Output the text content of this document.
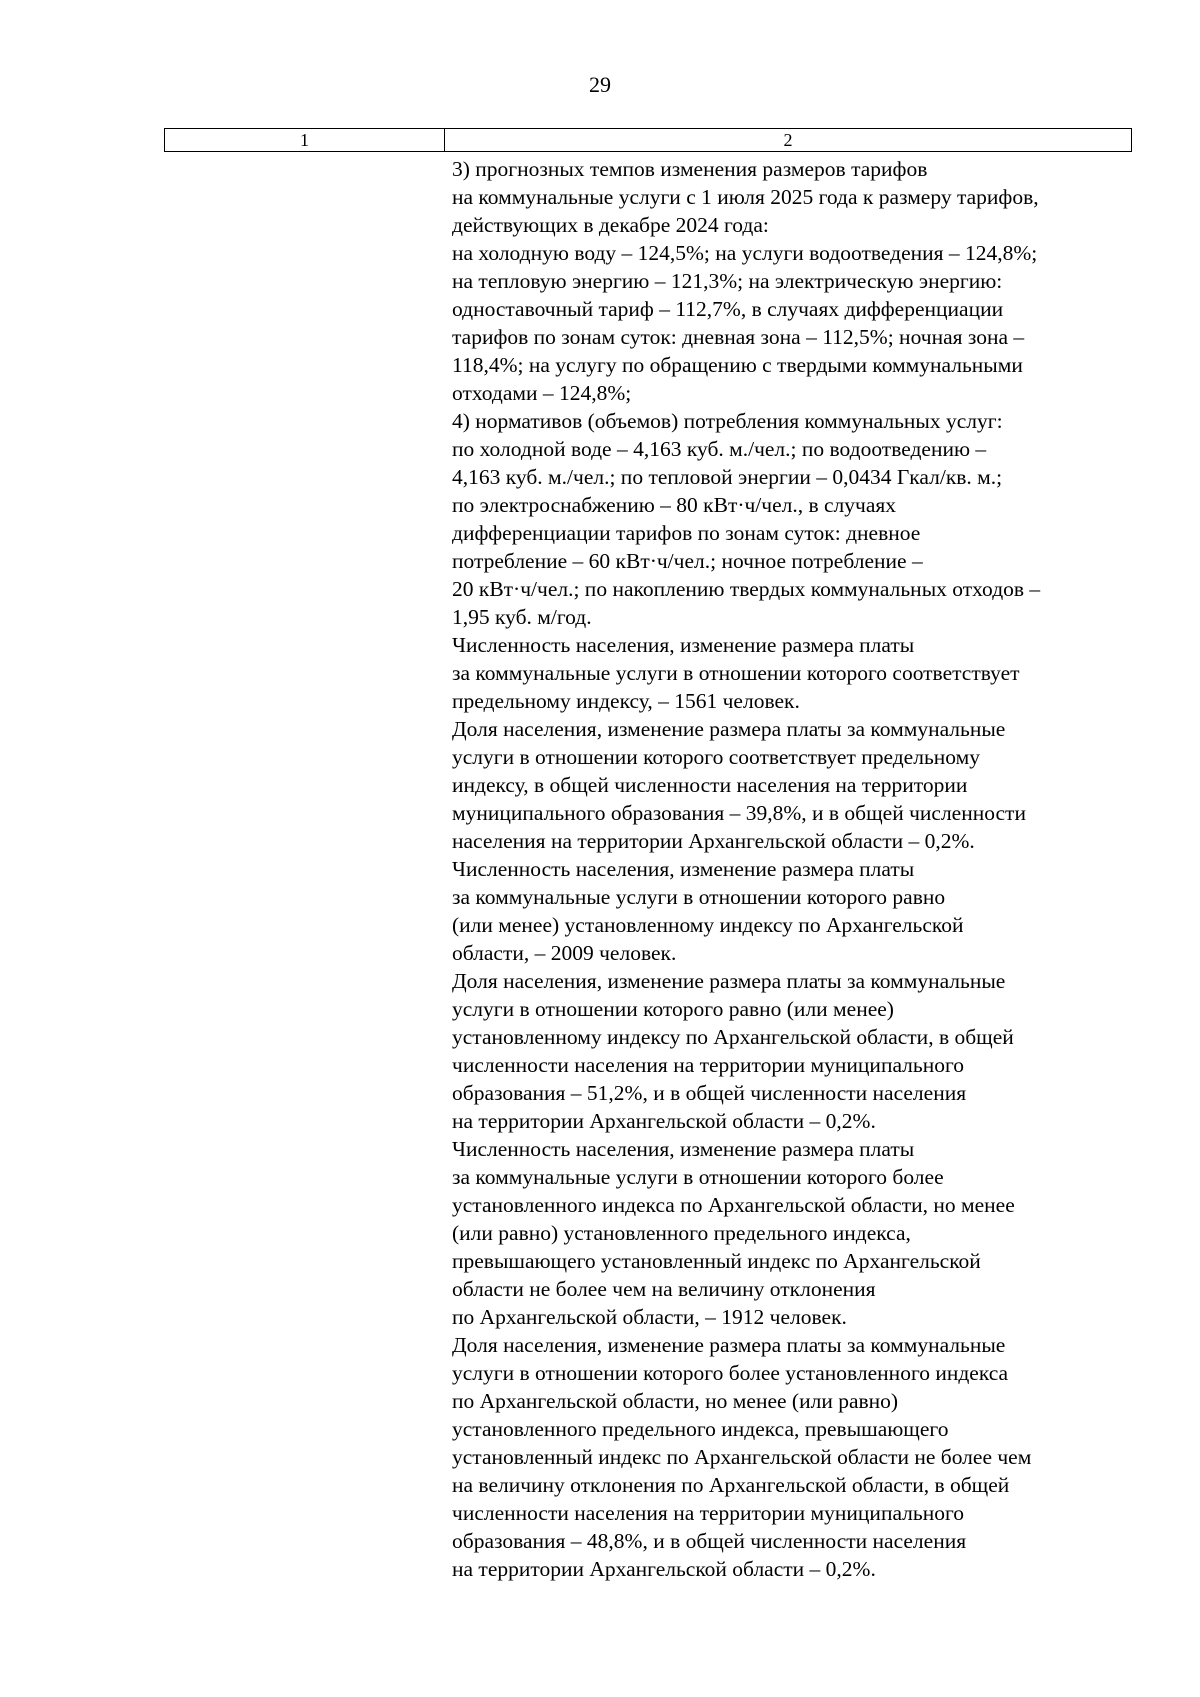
29
1	2
3) прогнозных темпов изменения размеров тарифов
на коммунальные услуги с 1 июля 2025 года к размеру тарифов,
действующих в декабре 2024 года:
на холодную воду – 124,5%; на услуги водоотведения – 124,8%;
на тепловую энергию – 121,3%; на электрическую энергию:
одноставочный тариф – 112,7%, в случаях дифференциации
тарифов по зонам суток: дневная зона – 112,5%; ночная зона –
118,4%; на услугу по обращению с твердыми коммунальными
отходами – 124,8%;
4) нормативов (объемов) потребления коммунальных услуг:
по холодной воде – 4,163 куб. м./чел.; по водоотведению –
4,163 куб. м./чел.; по тепловой энергии – 0,0434 Гкал/кв. м.;
по электроснабжению – 80 кВт·ч/чел., в случаях
дифференциации тарифов по зонам суток: дневное
потребление – 60 кВт·ч/чел.; ночное потребление –
20 кВт·ч/чел.; по накоплению твердых коммунальных отходов –
1,95 куб. м/год.
Численность населения, изменение размера платы
за коммунальные услуги в отношении которого соответствует
предельному индексу, – 1561 человек.
Доля населения, изменение размера платы за коммунальные
услуги в отношении которого соответствует предельному
индексу, в общей численности населения на территории
муниципального образования – 39,8%, и в общей численности
населения на территории Архангельской области – 0,2%.
Численность населения, изменение размера платы
за коммунальные услуги в отношении которого равно
(или менее) установленному индексу по Архангельской
области, – 2009 человек.
Доля населения, изменение размера платы за коммунальные
услуги в отношении которого равно (или менее)
установленному индексу по Архангельской области, в общей
численности населения на территории муниципального
образования – 51,2%, и в общей численности населения
на территории Архангельской области – 0,2%.
Численность населения, изменение размера платы
за коммунальные услуги в отношении которого более
установленного индекса по Архангельской области, но менее
(или равно) установленного предельного индекса,
превышающего установленный индекс по Архангельской
области не более чем на величину отклонения
по Архангельской области, – 1912 человек.
Доля населения, изменение размера платы за коммунальные
услуги в отношении которого более установленного индекса
по Архангельской области, но менее (или равно)
установленного предельного индекса, превышающего
установленный индекс по Архангельской области не более чем
на величину отклонения по Архангельской области, в общей
численности населения на территории муниципального
образования – 48,8%, и в общей численности населения
на территории Архангельской области – 0,2%.
